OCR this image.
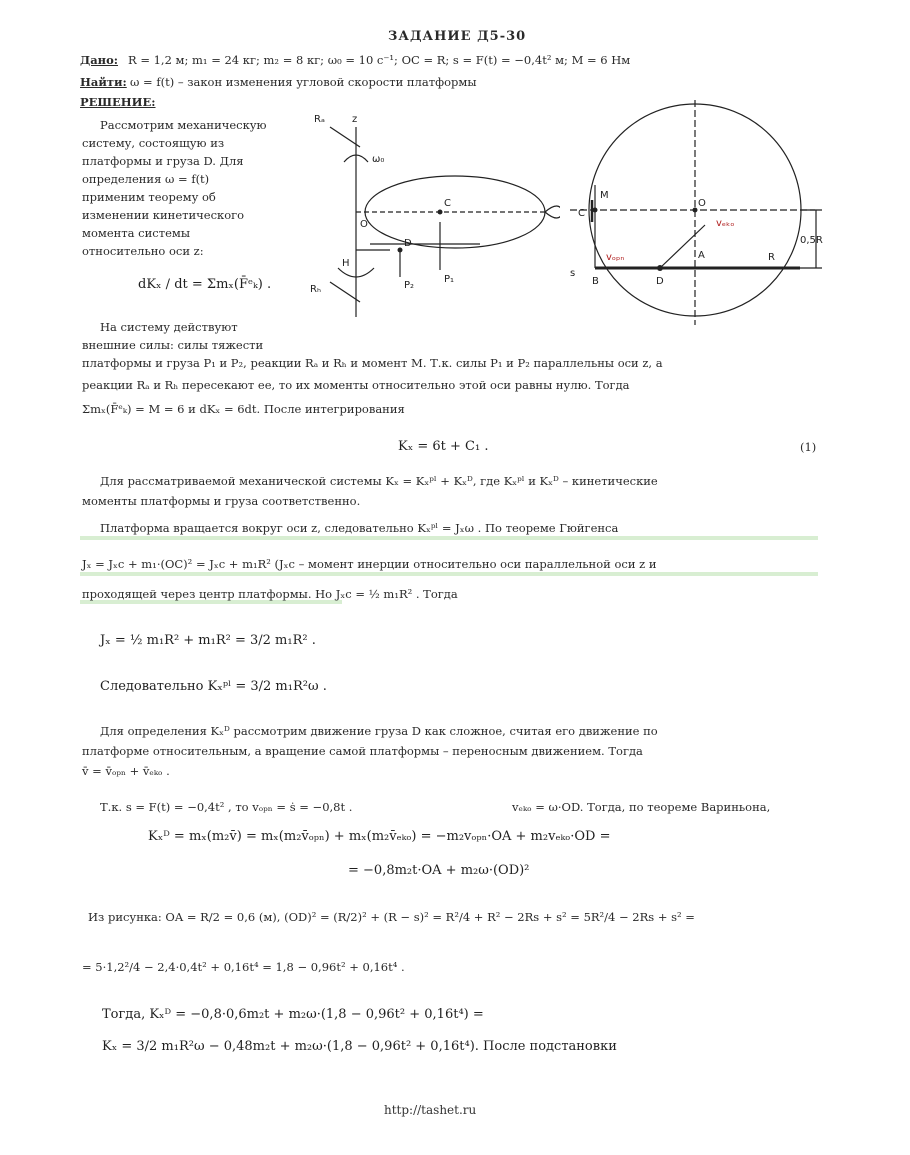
ЗАДАНИЕ Д5-30
Дано: R = 1,2 м; m₁ = 24 кг; m₂ = 8 кг; ω₀ = 10 c⁻¹; OC = R; s = F(t) = −0,4t² м; M = 6 Нм
Найти: ω = f(t) – закон изменения угловой скорости платформы
РЕШЕНИЕ:
Рассмотрим механическую
систему, состоящую из
платформы и груза D. Для
определения ω = f(t)
применим теорему об
изменении кинетического
момента системы
относительно оси z:
dKₓ / dt = Σmₓ(F̄ᵉₖ) .
На систему действуют
внешние силы: силы тяжести
платформы и груза P₁ и P₂, реакции Rₐ и Rₕ и момент M. Т.к. силы P₁ и P₂ параллельны оси z, а
реакции Rₐ и Rₕ пересекают ее, то их моменты относительно этой оси равны нулю. Тогда
Σmₓ(F̄ᵉₖ) = M = 6 и dKₓ = 6dt. После интегрирования
Kₓ = 6t + C₁ .	(1)
Для рассматриваемой механической системы Kₓ = Kₓᵖˡ + Kₓᴰ, где Kₓᵖˡ и Kₓᴰ – кинетические
моменты платформы и груза соответственно.
Платформа вращается вокруг оси z, следовательно Kₓᵖˡ = Jₓω . По теореме Гюйгенса
Jₓ = Jₓc + m₁·(OC)² = Jₓc + m₁R² (Jₓc – момент инерции относительно оси параллельной оси z и
проходящей через центр платформы. Но Jₓc = ½ m₁R² . Тогда
Jₓ = ½ m₁R² + m₁R² = 3/2 m₁R² .
Следовательно Kₓᵖˡ = 3/2 m₁R²ω .
Для определения Kₓᴰ рассмотрим движение груза D как сложное, считая его движение по
платформе относительным, а вращение самой платформы – переносным движением. Тогда
v̄ = v̄ₒₚₙ + v̄ₑₖₒ .
Т.к. s = F(t) = −0,4t² , то vₒₚₙ = ṡ = −0,8t .	vₑₖₒ = ω·OD. Тогда, по теореме Вариньона,
Kₓᴰ = mₓ(m₂v̄) = mₓ(m₂v̄ₒₚₙ) + mₓ(m₂v̄ₑₖₒ) = −m₂vₒₚₙ·OA + m₂vₑₖₒ·OD =
= −0,8m₂t·OA + m₂ω·(OD)²
Из рисунка: OA = R/2 = 0,6 (м), (OD)² = (R/2)² + (R − s)² = R²/4 + R² − 2Rs + s² = 5R²/4 − 2Rs + s² =
= 5·1,2²/4 − 2,4·0,4t² + 0,16t⁴ = 1,8 − 0,96t² + 0,16t⁴ .
Тогда, Kₓᴰ = −0,8·0,6m₂t + m₂ω·(1,8 − 0,96t² + 0,16t⁴) =
Kₓ = 3/2 m₁R²ω − 0,48m₂t + m₂ω·(1,8 − 0,96t² + 0,16t⁴). После подстановки
http://tashet.ru
Rₐ	z
ω₀
C
Rₕ
D
P₁
P₂
H
O
M
O
C
D
B
A
s
R
0,5R
vₑₖₒ
vₒₚₙ
